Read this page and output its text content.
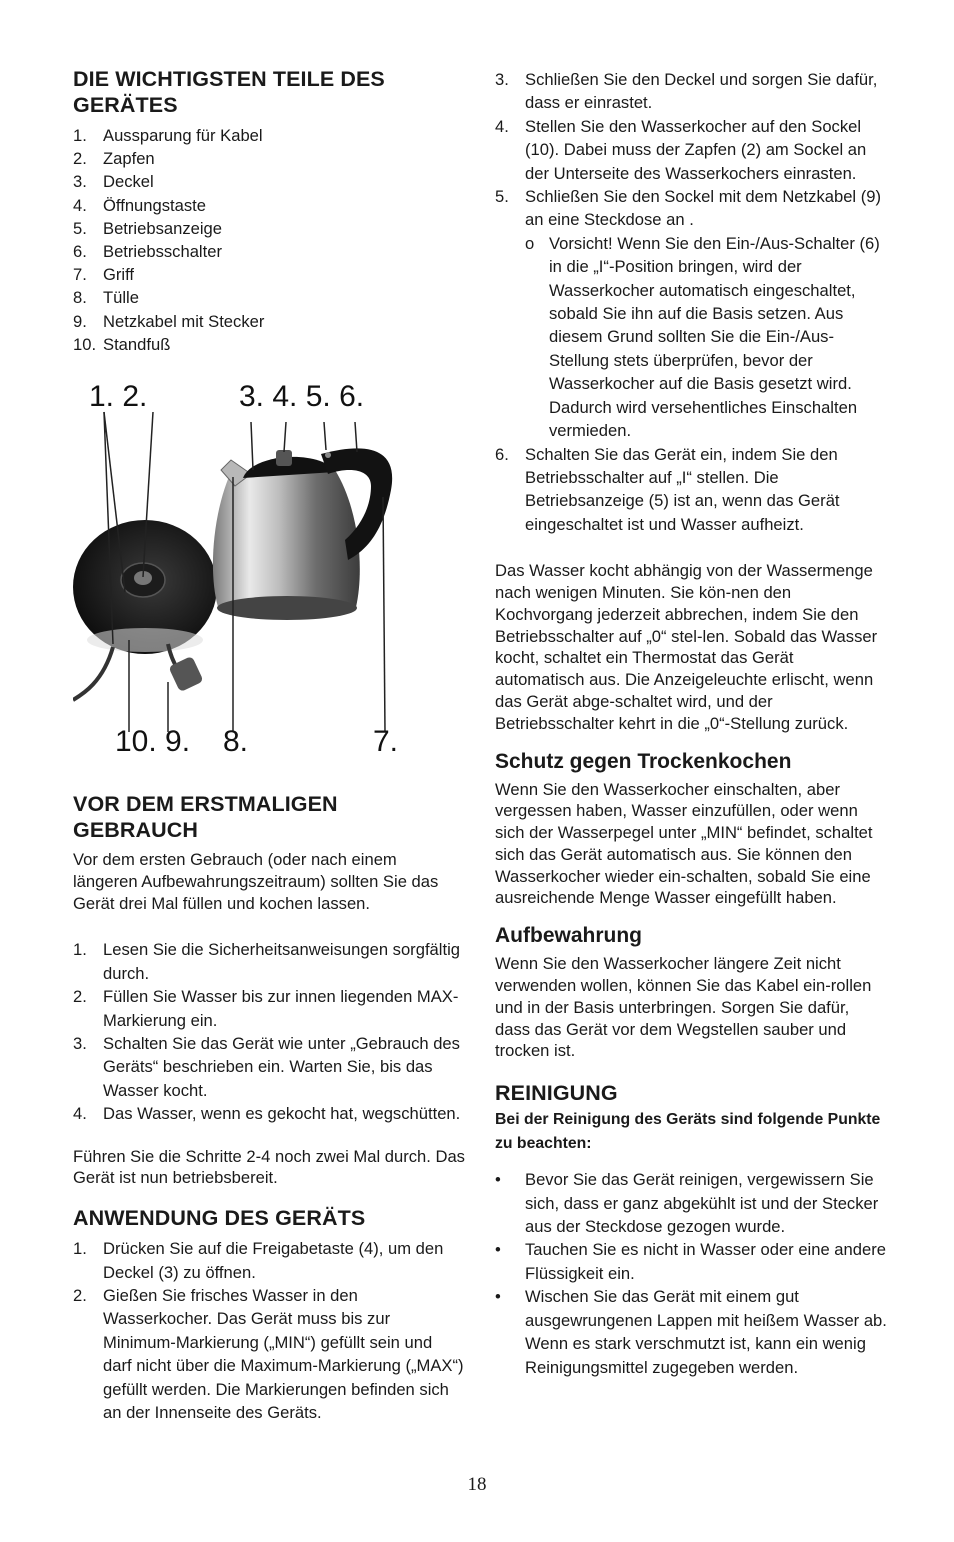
DIE WICHTIGSTEN TEILE DES GERÄTES
1. Aussparung für Kabel
2. Zapfen
3. Deckel
4. Öffnungstaste
5. Betriebsanzeige
6. Betriebsschalter
7. Griff
8. Tülle
9. Netzkabel mit Stecker
10. Standfuß
1. 2.	3. 4. 5. 6.
10. 9. 8.	7.
VOR DEM ERSTMALIGEN GEBRAUCH

Vor dem ersten Gebrauch (oder nach einem längeren Aufbewahrungszeitraum) sollten Sie das Gerät drei Mal füllen und kochen lassen.

1. Lesen Sie die Sicherheitsanweisungen sorgfältig durch.
2. Füllen Sie Wasser bis zur innen liegenden MAX-Markierung ein.
3. Schalten Sie das Gerät wie unter „Gebrauch des Geräts“ beschrieben ein. Warten Sie, bis das Wasser kocht.
4. Das Wasser, wenn es gekocht hat, wegschütten.

Führen Sie die Schritte 2-4 noch zwei Mal durch. Das Gerät ist nun betriebsbereit.

ANWENDUNG DES GERÄTS
1. Drücken Sie auf die Freigabetaste (4), um den Deckel (3) zu öffnen.
2. Gießen Sie frisches Wasser in den Wasserkocher. Das Gerät muss bis zur Minimum-Markierung („MIN“) gefüllt sein und darf nicht über die Maximum-Markierung („MAX“) gefüllt werden. Die Markierungen befinden sich an der Innenseite des Geräts.
3. Schließen Sie den Deckel und sorgen Sie dafür, dass er einrastet.
4. Stellen Sie den Wasserkocher auf den Sockel (10). Dabei muss der Zapfen (2) am Sockel an der Unterseite des Wasserkochers einrasten.
5. Schließen Sie den Sockel mit dem Netzkabel (9) an eine Steckdose an .
o Vorsicht! Wenn Sie den Ein-/Aus-Schalter (6) in die „I“-Position bringen, wird der Wasserkocher automatisch eingeschaltet, sobald Sie ihn auf die Basis setzen. Aus diesem Grund sollten Sie die Ein-/Aus-Stellung stets überprüfen, bevor der Wasserkocher auf die Basis gesetzt wird. Dadurch wird versehentliches Einschalten vermieden.
6. Schalten Sie das Gerät ein, indem Sie den Betriebsschalter auf „I“ stellen. Die Betriebsanzeige (5) ist an, wenn das Gerät eingeschaltet ist und Wasser aufheizt.

Das Wasser kocht abhängig von der Wassermenge nach wenigen Minuten. Sie kön-nen den Kochvorgang jederzeit abbrechen, indem Sie den Betriebsschalter auf „0“ stel-len. Sobald das Wasser kocht, schaltet ein Thermostat das Gerät automatisch aus. Die Anzeigeleuchte erlischt, wenn das Gerät abge-schaltet wird, und der Betriebsschalter kehrt in die „0“-Stellung zurück.

Schutz gegen Trockenkochen

Wenn Sie den Wasserkocher einschalten, aber vergessen haben, Wasser einzufüllen, oder wenn sich der Wasserpegel unter „MIN“ befindet, schaltet sich das Gerät automatisch aus. Sie können den Wasserkocher wieder ein-schalten, sobald Sie eine ausreichende Menge Wasser eingefüllt haben.

Aufbewahrung

Wenn Sie den Wasserkocher längere Zeit nicht verwenden wollen, können Sie das Kabel ein-rollen und in der Basis unterbringen. Sorgen Sie dafür, dass das Gerät vor dem Wegstellen sauber und trocken ist.

REINIGUNG

Bei der Reinigung des Geräts sind folgende Punkte zu beachten:

•	Bevor Sie das Gerät reinigen, vergewissern Sie sich, dass er ganz abgekühlt ist und der Stecker aus der Steckdose gezogen wurde.
•	Tauchen Sie es nicht in Wasser oder eine andere Flüssigkeit ein.
•	Wischen Sie das Gerät mit einem gut ausgewrungenen Lappen mit heißem Wasser ab. Wenn es stark verschmutzt ist, kann ein wenig Reinigungsmittel zugegeben werden.
18
